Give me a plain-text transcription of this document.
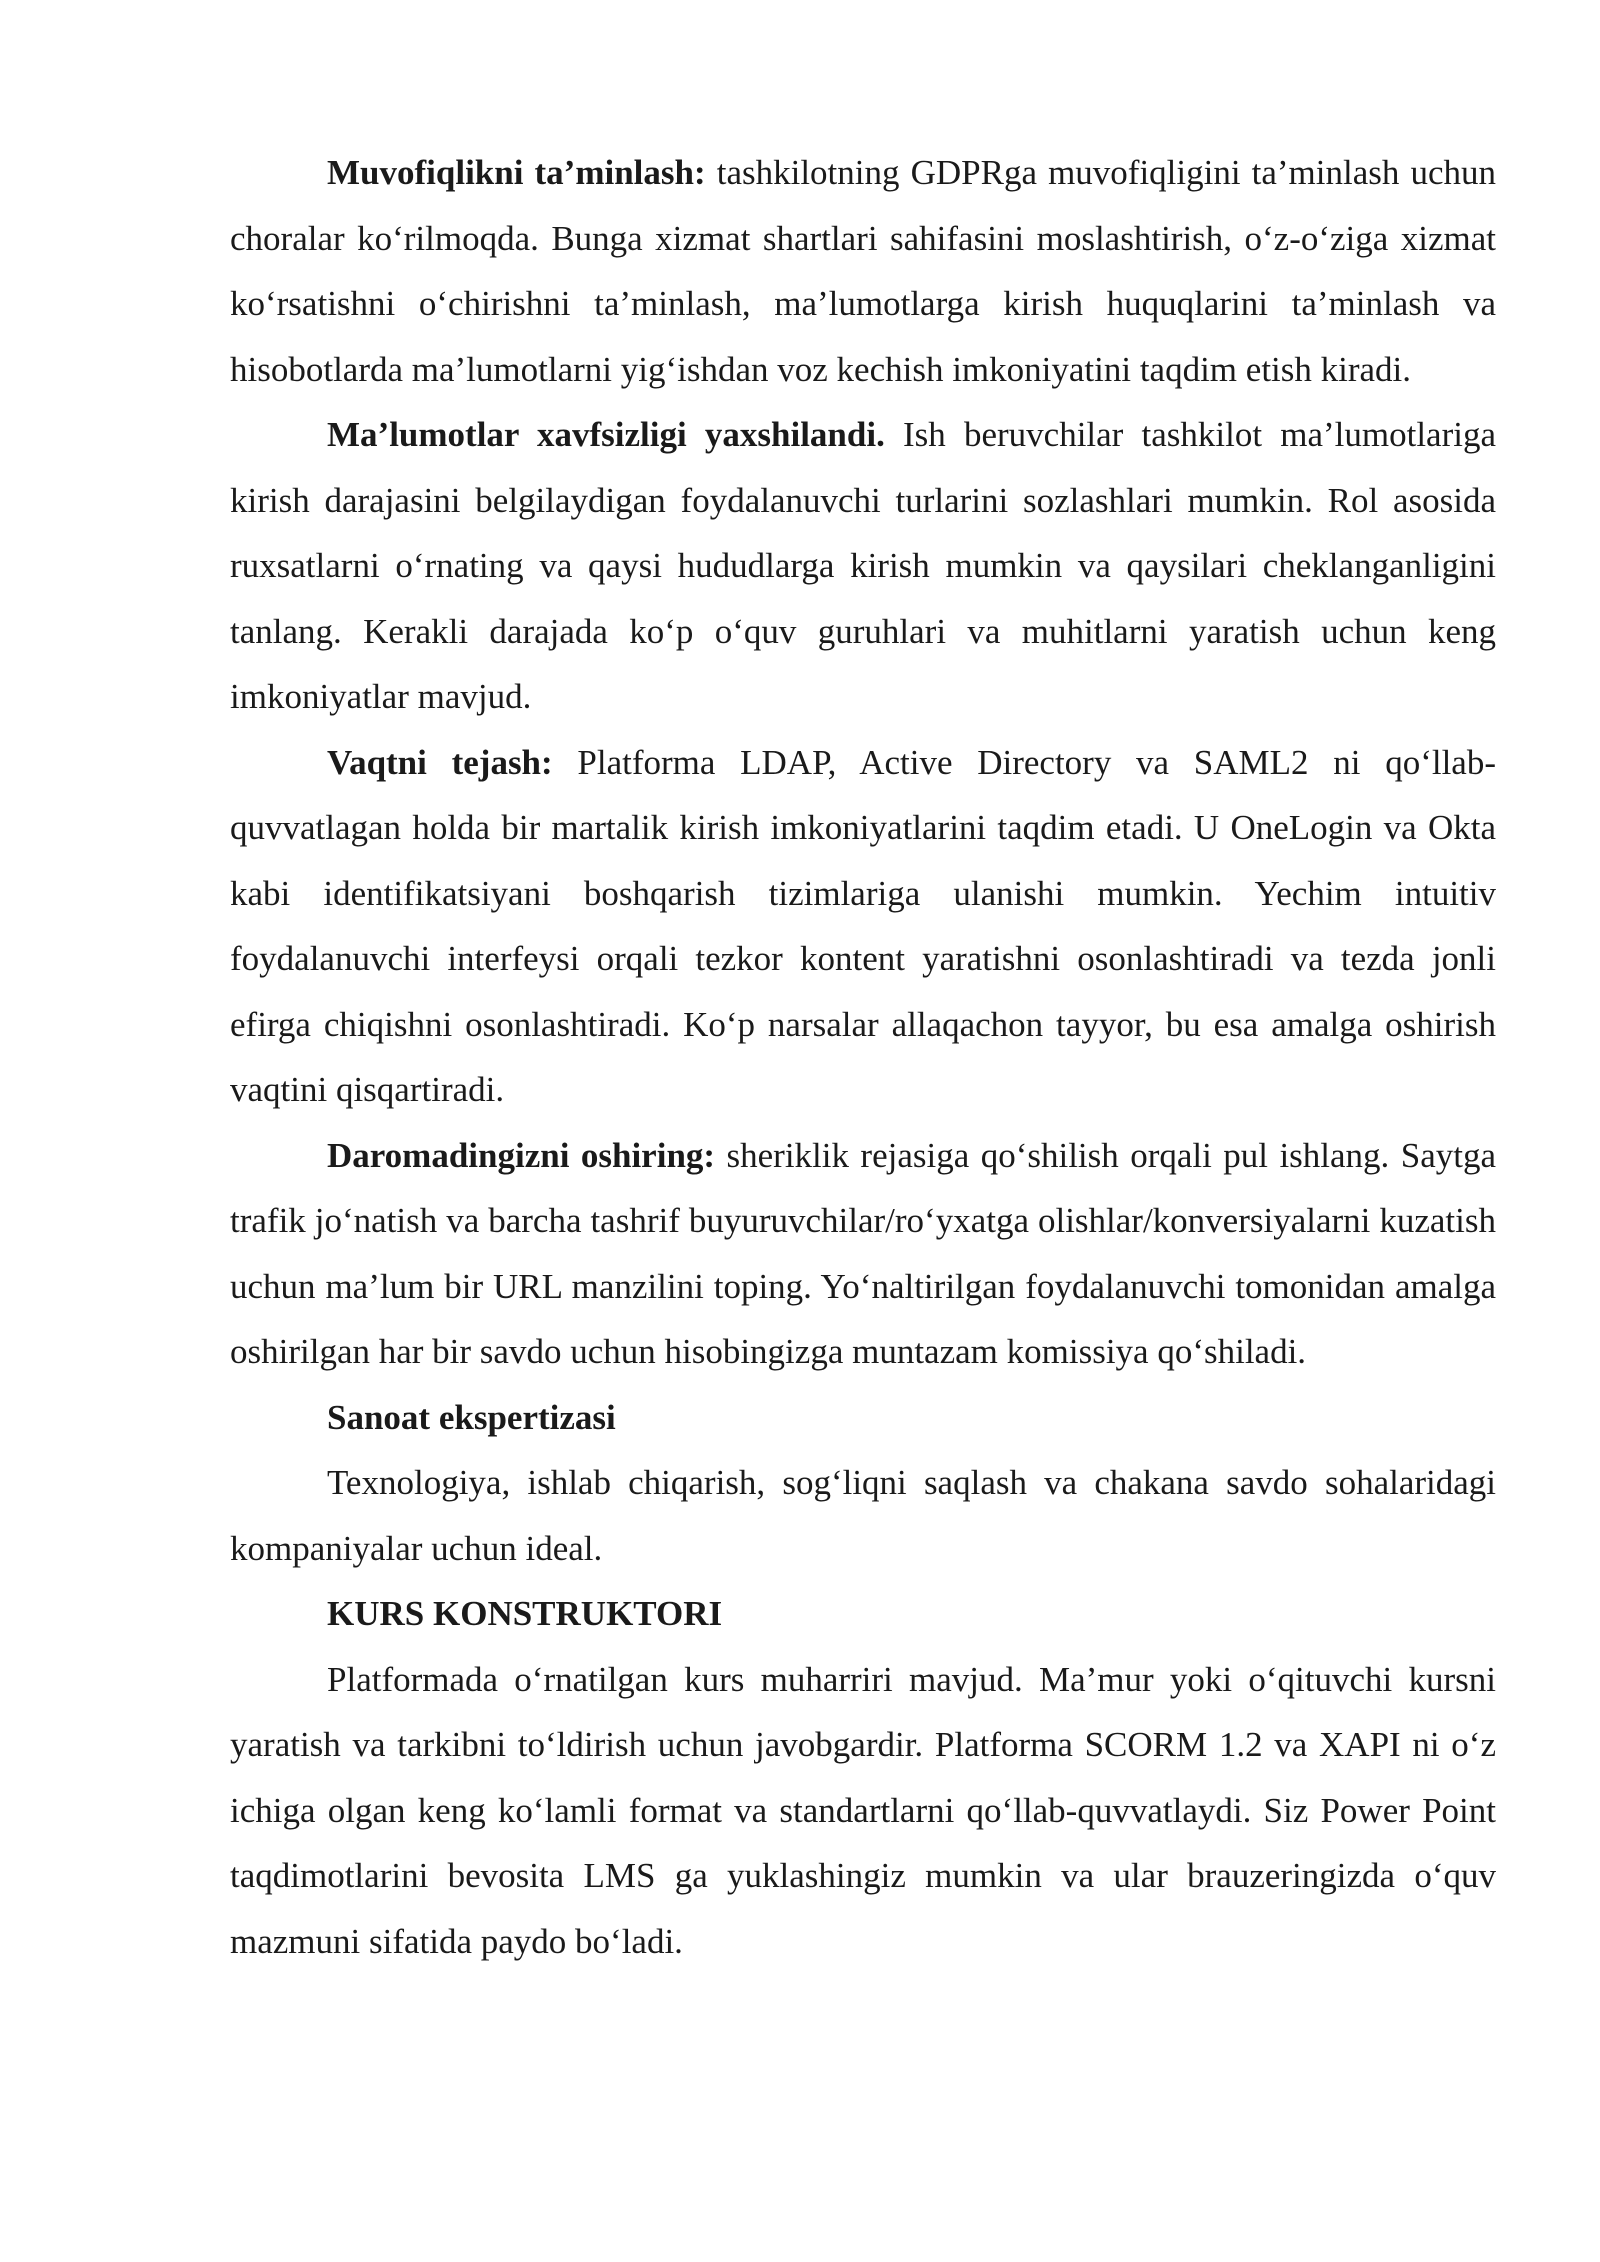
Muvofiqlikni ta’minlash: tashkilotning GDPRga muvofiqligini ta’minlash uchun choralar ko‘rilmoqda. Bunga xizmat shartlari sahifasini moslashtirish, o‘z-o‘ziga xizmat ko‘rsatishni o‘chirishni ta’minlash, ma’lumotlarga kirish huquqlarini ta’minlash va hisobotlarda ma’lumotlarni yig‘ishdan voz kechish imkoniyatini taqdim etish kiradi.

Ma’lumotlar xavfsizligi yaxshilandi. Ish beruvchilar tashkilot ma’lumotlariga kirish darajasini belgilaydigan foydalanuvchi turlarini sozlashlari mumkin. Rol asosida ruxsatlarni o‘rnating va qaysi hududlarga kirish mumkin va qaysilari cheklanganligini tanlang. Kerakli darajada ko‘p o‘quv guruhlari va muhitlarni yaratish uchun keng imkoniyatlar mavjud.

Vaqtni tejash: Platforma LDAP, Active Directory va SAML2 ni qo‘llab-quvvatlagan holda bir martalik kirish imkoniyatlarini taqdim etadi. U OneLogin va Okta kabi identifikatsiyani boshqarish tizimlariga ulanishi mumkin. Yechim intuitiv foydalanuvchi interfeysi orqali tezkor kontent yaratishni osonlashtiradi va tezda jonli efirga chiqishni osonlashtiradi. Ko‘p narsalar allaqachon tayyor, bu esa amalga oshirish vaqtini qisqartiradi.

Daromadingizni oshiring: sheriklik rejasiga qo‘shilish orqali pul ishlang. Saytga trafik jo‘natish va barcha tashrif buyuruvchilar/ro‘yxatga olishlar/konversiyalarni kuzatish uchun ma’lum bir URL manzilini toping. Yo‘naltirilgan foydalanuvchi tomonidan amalga oshirilgan har bir savdo uchun hisobingizga muntazam komissiya qo‘shiladi.

Sanoat ekspertizasi

Texnologiya, ishlab chiqarish, sog‘liqni saqlash va chakana savdo sohalaridagi kompaniyalar uchun ideal.

KURS KONSTRUKTORI

Platformada o‘rnatilgan kurs muharriri mavjud. Ma’mur yoki o‘qituvchi kursni yaratish va tarkibni to‘ldirish uchun javobgardir. Platforma SCORM 1.2 va XAPI ni o‘z ichiga olgan keng ko‘lamli format va standartlarni qo‘llab-quvvatlaydi. Siz Power Point taqdimotlarini bevosita LMS ga yuklashingiz mumkin va ular brauzeringizda o‘quv mazmuni sifatida paydo bo‘ladi.
